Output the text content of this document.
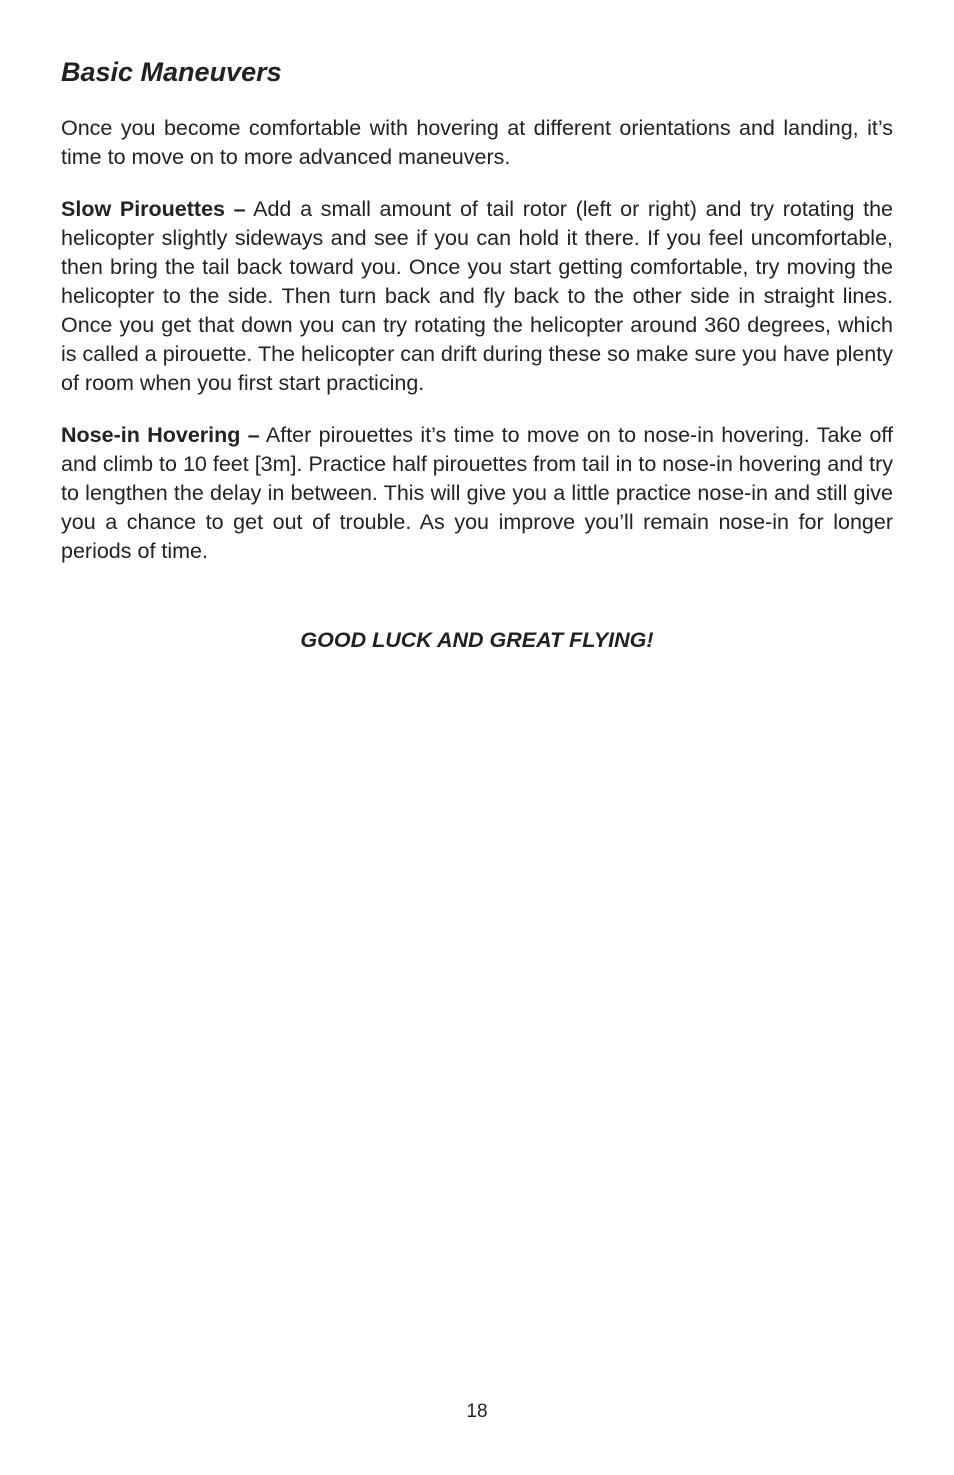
Basic Maneuvers

Once you become comfortable with hovering at different orientations and landing, it’s time to move on to more advanced maneuvers.

Slow Pirouettes – Add a small amount of tail rotor (left or right) and try rotating the helicopter slightly sideways and see if you can hold it there. If you feel uncomfortable, then bring the tail back toward you. Once you start getting comfortable, try moving the helicopter to the side. Then turn back and fly back to the other side in straight lines. Once you get that down you can try rotating the helicopter around 360 degrees, which is called a pirouette. The helicopter can drift during these so make sure you have plenty of room when you first start practicing.

Nose-in Hovering – After pirouettes it’s time to move on to nose-in hovering. Take off and climb to 10 feet [3m]. Practice half pirouettes from tail in to nose-in hovering and try to lengthen the delay in between. This will give you a little practice nose-in and still give you a chance to get out of trouble. As you improve you’ll remain nose-in for longer periods of time.

GOOD LUCK AND GREAT FLYING!
18
